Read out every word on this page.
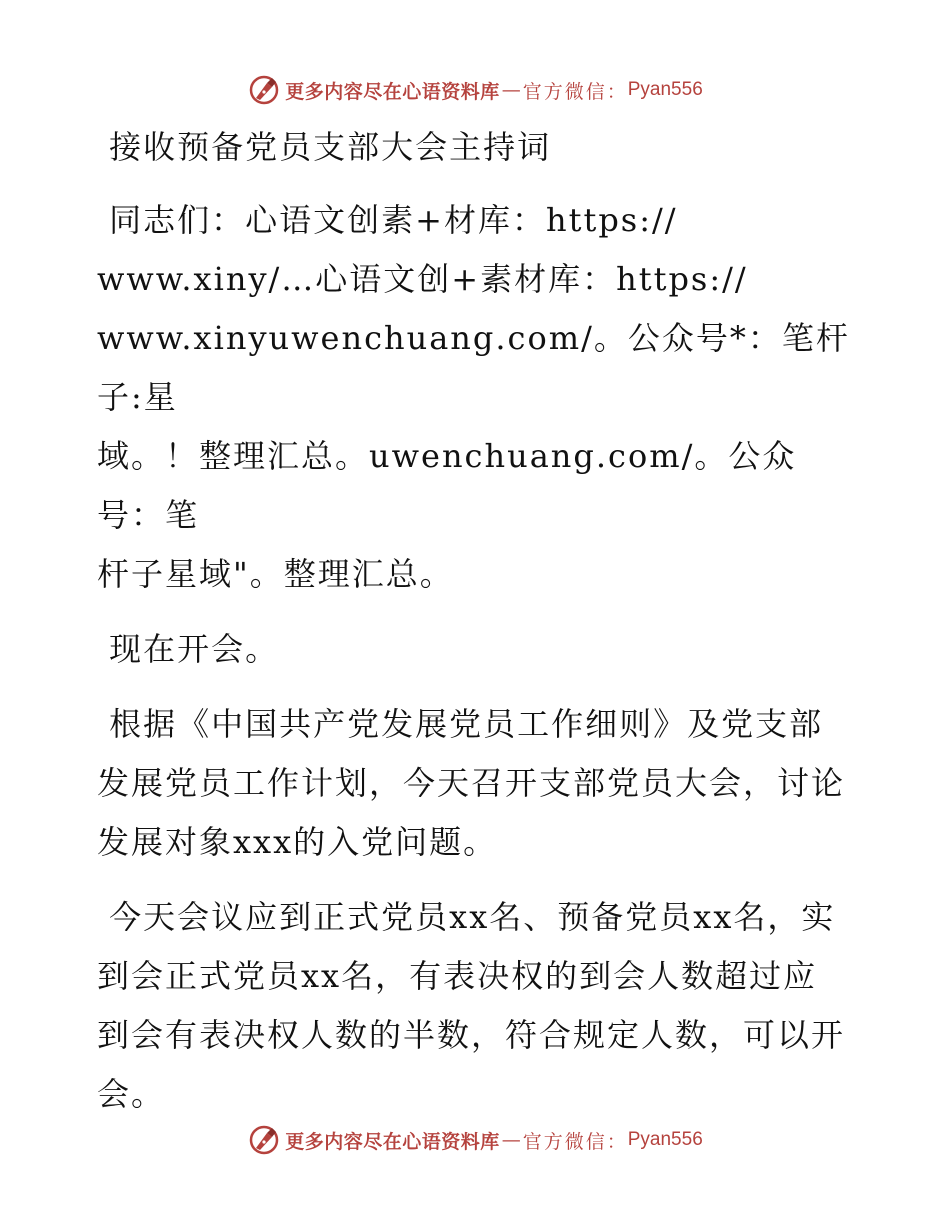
更多内容尽在心语资料库 — 官方微信： Pyan556
接收预备党员支部大会主持词
同志们：心语文创素+材库：https://
www.xiny/…心语文创+素材库：https://
www.xinyuwenchuang.com/。公众号*：笔杆子:星
域。！整理汇总。uwenchuang.com/。公众号：笔
杆子星域"。整理汇总。
现在开会。
根据《中国共产党发展党员工作细则》及党支部
发展党员工作计划，今天召开支部党员大会，讨论
发展对象xxx的入党问题。
今天会议应到正式党员xx名、预备党员xx名，实
到会正式党员xx名，有表决权的到会人数超过应
到会有表决权人数的半数，符合规定人数，可以开
会。
更多内容尽在心语资料库 — 官方微信： Pyan556
